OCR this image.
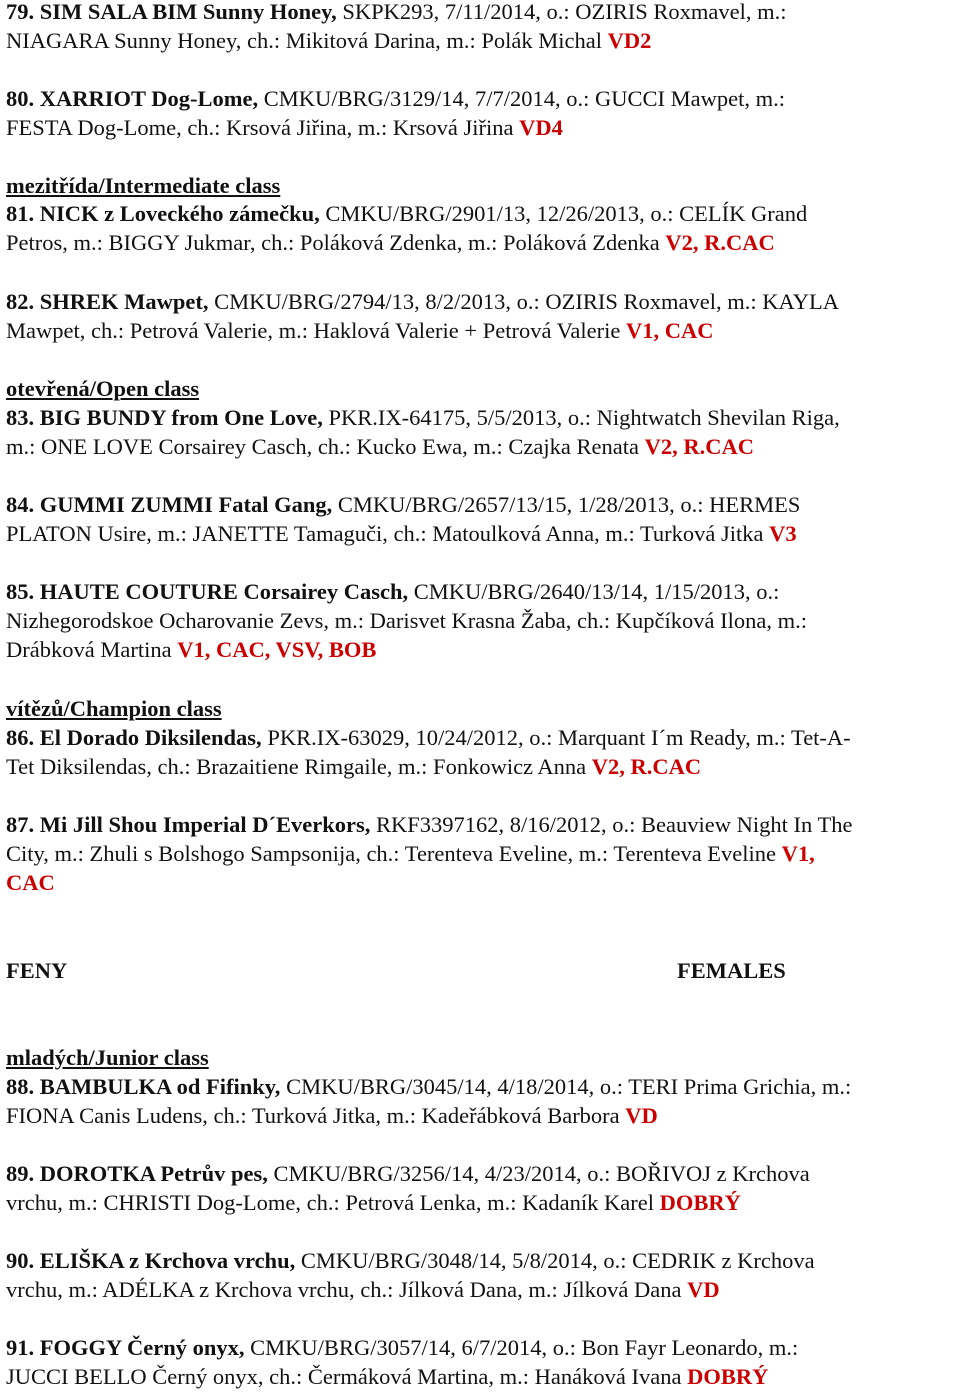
79. SIM SALA BIM Sunny Honey, SKPK293, 7/11/2014, o.: OZIRIS Roxmavel, m.:
NIAGARA Sunny Honey, ch.: Mikitová Darina, m.: Polák Michal VD2
80. XARRIOT Dog-Lome, CMKU/BRG/3129/14, 7/7/2014, o.: GUCCI Mawpet, m.:
FESTA Dog-Lome, ch.: Krsová Jiřina, m.: Krsová Jiřina VD4
mezitřída/Intermediate class
81. NICK z Loveckého zámečku, CMKU/BRG/2901/13, 12/26/2013, o.: CELÍK Grand
Petros, m.: BIGGY Jukmar, ch.: Poláková Zdenka, m.: Poláková Zdenka V2, R.CAC
82. SHREK Mawpet, CMKU/BRG/2794/13, 8/2/2013, o.: OZIRIS Roxmavel, m.: KAYLA
Mawpet, ch.: Petrová Valerie, m.: Haklová Valerie + Petrová Valerie V1, CAC
otevřená/Open class
83. BIG BUNDY from One Love, PKR.IX-64175, 5/5/2013, o.: Nightwatch Shevilan Riga,
m.: ONE LOVE Corsairey Casch, ch.: Kucko Ewa, m.: Czajka Renata V2, R.CAC
84. GUMMI ZUMMI Fatal Gang, CMKU/BRG/2657/13/15, 1/28/2013, o.: HERMES
PLATON Usire, m.: JANETTE Tamaguči, ch.: Matoulková Anna, m.: Turková Jitka V3
85. HAUTE COUTURE Corsairey Casch, CMKU/BRG/2640/13/14, 1/15/2013, o.:
Nizhegorodskoe Ocharovanie Zevs, m.: Darisvet Krasna Žaba, ch.: Kupčíková Ilona, m.:
Drábková Martina V1, CAC, VSV, BOB
vítězů/Champion class
86. El Dorado Diksilendas, PKR.IX-63029, 10/24/2012, o.: Marquant I´m Ready, m.: Tet-A-
Tet Diksilendas, ch.: Brazaitiene Rimgaile, m.: Fonkowicz Anna V2, R.CAC
87. Mi Jill Shou Imperial D´Everkors, RKF3397162, 8/16/2012, o.: Beauview Night In The
City, m.: Zhuli s Bolshogo Sampsonija, ch.: Terenteva Eveline, m.: Terenteva Eveline V1,
CAC
FENY	FEMALES
mladých/Junior class
88. BAMBULKA od Fifinky, CMKU/BRG/3045/14, 4/18/2014, o.: TERI Prima Grichia, m.:
FIONA Canis Ludens, ch.: Turková Jitka, m.: Kadeřábková Barbora VD
89. DOROTKA Petrův pes, CMKU/BRG/3256/14, 4/23/2014, o.: BOŘIVOJ z Krchova
vrchu, m.: CHRISTI Dog-Lome, ch.: Petrová Lenka, m.: Kadaník Karel DOBRÝ
90. ELIŠKA z Krchova vrchu, CMKU/BRG/3048/14, 5/8/2014, o.: CEDRIK z Krchova
vrchu, m.: ADÉLKA z Krchova vrchu, ch.: Jílková Dana, m.: Jílková Dana VD
91. FOGGY Černý onyx, CMKU/BRG/3057/14, 6/7/2014, o.: Bon Fayr Leonardo, m.:
JUCCI BELLO Černý onyx, ch.: Čermáková Martina, m.: Hanáková Ivana DOBRÝ
